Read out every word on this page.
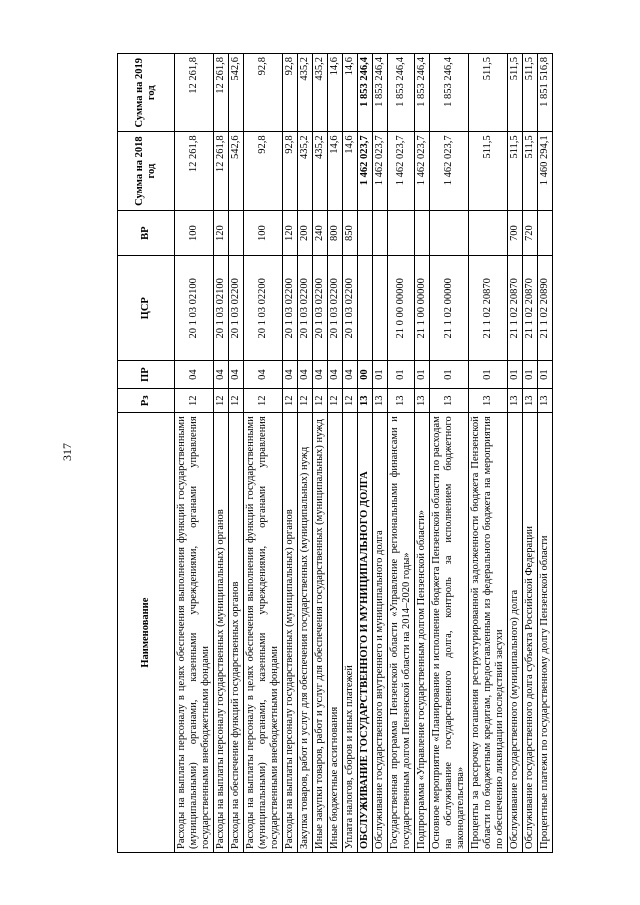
317
Наименование	Рз	ПР	ЦСР	ВР	Сумма на 2018 год	Сумма на 2019 год
Расходы на выплаты персоналу в целях обеспечения выполнения функций государственными (муниципальными) органами, казенными учреждениями, органами управления государственными внебюджетными фондами	12	04	20 1 03 02100	100	12 261,8	12 261,8
Расходы на выплаты персоналу государственных (муниципальных) органов	12	04	20 1 03 02100	120	12 261,8	12 261,8
Расходы на обеспечение функций государственных органов	12	04	20 1 03 02200		542,6	542,6
Расходы на выплаты персоналу в целях обеспечения выполнения функций государственными (муниципальными) органами, казенными учреждениями, органами управления государственными внебюджетными фондами	12	04	20 1 03 02200	100	92,8	92,8
Расходы на выплаты персоналу государственных (муниципальных) органов	12	04	20 1 03 02200	120	92,8	92,8
Закупка товаров, работ и услуг для обеспечения государственных (муниципальных) нужд	12	04	20 1 03 02200	200	435,2	435,2
Иные закупки товаров, работ и услуг для обеспечения государственных (муниципальных) нужд	12	04	20 1 03 02200	240	435,2	435,2
Иные бюджетные ассигнования	12	04	20 1 03 02200	800	14,6	14,6
Уплата налогов, сборов и иных платежей	12	04	20 1 03 02200	850	14,6	14,6
ОБСЛУЖИВАНИЕ ГОСУДАРСТВЕННОГО И МУНИЦИПАЛЬНОГО ДОЛГА	13	00			1 462 023,7	1 853 246,4
Обслуживание государственного внутреннего и муниципального долга	13	01			1 462 023,7	1 853 246,4
Государственная программа Пензенской области «Управление региональными финансами и государственным долгом Пензенской области на 2014–2020 годы»	13	01	21 0 00 00000		1 462 023,7	1 853 246,4
Подпрограмма «Управление государственным долгом Пензенской области»	13	01	21 1 00 00000		1 462 023,7	1 853 246,4
Основное мероприятие «Планирование и исполнение бюджета Пензенской области по расходам на обслуживание государственного долга, контроль за исполнением бюджетного законодательства»	13	01	21 1 02 00000		1 462 023,7	1 853 246,4
Проценты за рассрочку погашения реструктурированной задолженности бюджета Пензенской области по бюджетным кредитам, предоставленным из федерального бюджета на мероприятия по обеспечению ликвидации последствий засухи	13	01	21 1 02 20870		511,5	511,5
Обслуживание государственного (муниципального) долга	13	01	21 1 02 20870	700	511,5	511,5
Обслуживание государственного долга субъекта Российской Федерации	13	01	21 1 02 20870	720	511,5	511,5
Процентные платежи по государственному долгу Пензенской области	13	01	21 1 02 20890		1 460 294,1	1 851 516,8
